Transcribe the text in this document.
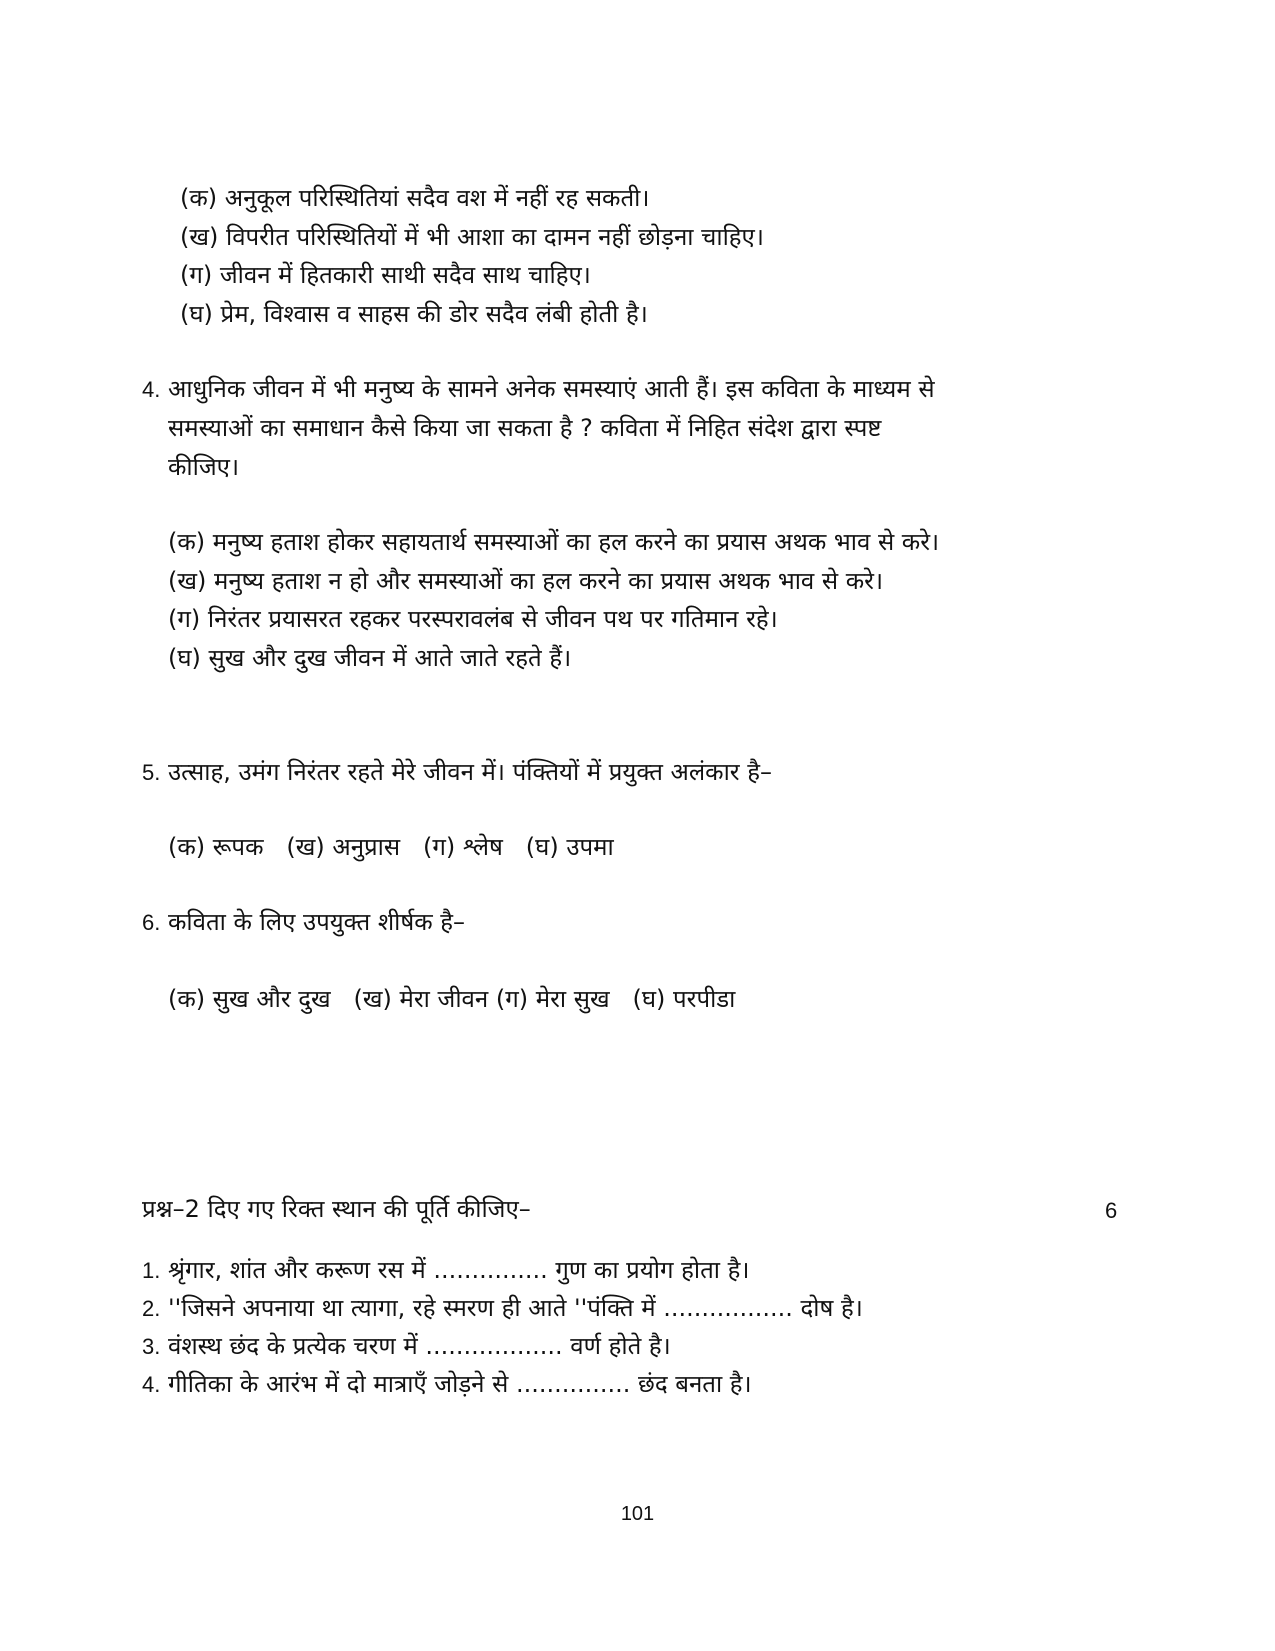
(क) अनुकूल परिस्थितियां सदैव वश में नहीं रह सकती।
(ख) विपरीत परिस्थितियों में भी आशा का दामन नहीं छोड़ना चाहिए।
(ग) जीवन में हितकारी साथी सदैव साथ चाहिए।
(घ) प्रेम, विश्वास व साहस की डोर सदैव लंबी होती है।
4. आधुनिक जीवन में भी मनुष्य के सामने अनेक समस्याएं आती हैं। इस कविता के माध्यम से
समस्याओं का समाधान कैसे किया जा सकता है ? कविता में निहित संदेश द्वारा स्पष्ट
कीजिए।
(क) मनुष्य हताश होकर सहायतार्थ समस्याओं का हल करने का प्रयास अथक भाव से करे।
(ख) मनुष्य हताश न हो और समस्याओं का हल करने का प्रयास अथक भाव से करे।
(ग) निरंतर प्रयासरत रहकर परस्परावलंब से जीवन पथ पर गतिमान रहे।
(घ) सुख और दुख जीवन में आते जाते रहते हैं।
5. उत्साह, उमंग निरंतर रहते मेरे जीवन में। पंक्तियों में प्रयुक्त अलंकार है–
(क) रूपक   (ख) अनुप्रास   (ग) श्लेष   (घ) उपमा
6. कविता के लिए उपयुक्त शीर्षक है–
(क) सुख और दुख   (ख) मेरा जीवन (ग) मेरा सुख   (घ) परपीडा
प्रश्न–2 दिए गए रिक्त स्थान की पूर्ति कीजिए–	6
1. श्रृंगार, शांत और करूण रस में ............... गुण का प्रयोग होता है।
2. ''जिसने अपनाया था त्यागा, रहे स्मरण ही आते ''पंक्ति में ................. दोष है।
3. वंशस्थ छंद के प्रत्येक चरण में .................. वर्ण होते है।
4. गीतिका के आरंभ में दो मात्राएँ जोड़ने से ............... छंद बनता है।
101
